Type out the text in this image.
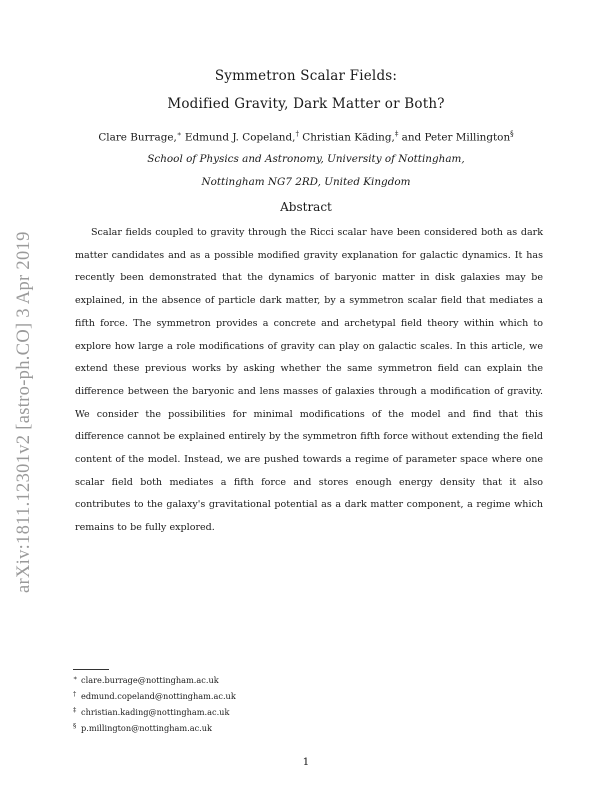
Symmetron Scalar Fields:
Modified Gravity, Dark Matter or Both?
Clare Burrage,∗ Edmund J. Copeland,† Christian Käding,‡ and Peter Millington§
School of Physics and Astronomy, University of Nottingham,
Nottingham NG7 2RD, United Kingdom
Abstract
Scalar fields coupled to gravity through the Ricci scalar have been considered both as dark matter candidates and as a possible modified gravity explanation for galactic dynamics. It has recently been demonstrated that the dynamics of baryonic matter in disk galaxies may be explained, in the absence of particle dark matter, by a symmetron scalar field that mediates a fifth force. The symmetron provides a concrete and archetypal field theory within which to explore how large a role modifications of gravity can play on galactic scales. In this article, we extend these previous works by asking whether the same symmetron field can explain the difference between the baryonic and lens masses of galaxies through a modification of gravity. We consider the possibilities for minimal modifications of the model and find that this difference cannot be explained entirely by the symmetron fifth force without extending the field content of the model. Instead, we are pushed towards a regime of parameter space where one scalar field both mediates a fifth force and stores enough energy density that it also contributes to the galaxy's gravitational potential as a dark matter component, a regime which remains to be fully explored.
arXiv:1811.12301v2 [astro-ph.CO] 3 Apr 2019
∗ clare.burrage@nottingham.ac.uk
† edmund.copeland@nottingham.ac.uk
‡ christian.kading@nottingham.ac.uk
§ p.millington@nottingham.ac.uk
1
